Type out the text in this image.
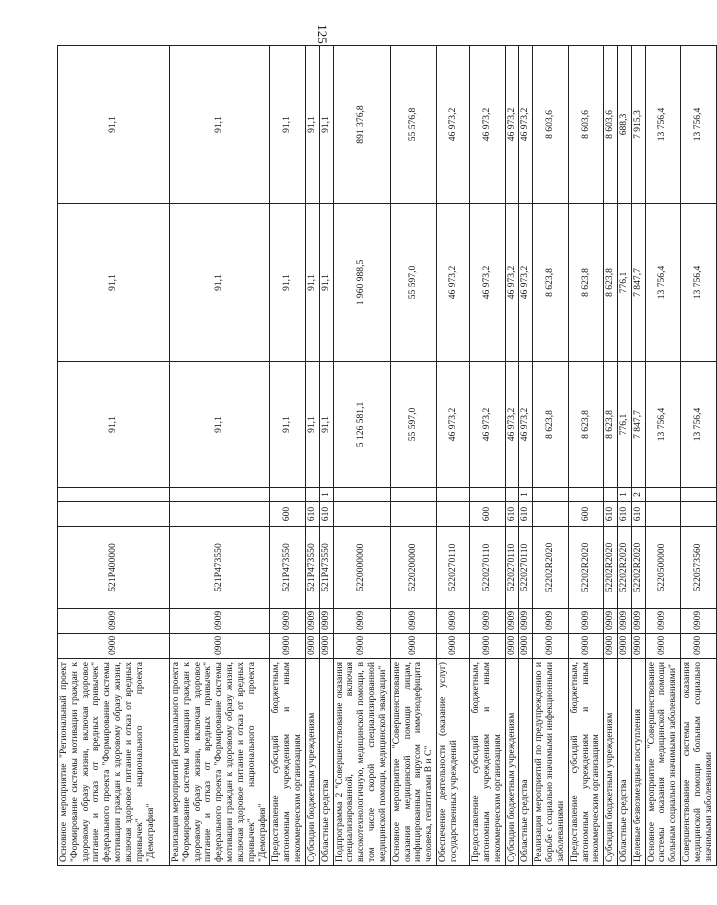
125
Основное мероприятие "Региональный проект "Формирование системы мотивации граждан к здоровому образу жизни, включая здоровое питание и отказ от вредных привычек" федерального проекта "Формирование системы мотивации граждан к здоровому образу жизни, включая здоровое питание и отказ от вредных привычек" национального проекта "Демография"	0900	0909	521P400000			91,1	91,1	91,1
Реализация мероприятий регионального проекта "Формирование системы мотивации граждан к здоровому образу жизни, включая здоровое питание и отказ от вредных привычек" федерального проекта "Формирование системы мотивации граждан к здоровому образу жизни, включая здоровое питание и отказ от вредных привычек" национального проекта "Демография"	0900	0909	521P473550			91,1	91,1	91,1
Предоставление субсидий бюджетным, автономным учреждениям и иным некоммерческим организациям	0900	0909	521P473550	600		91,1	91,1	91,1
Субсидии бюджетным учреждениям	0900	0909	521P473550	610		91,1	91,1	91,1
Областные средства	0900	0909	521P473550	610	1	91,1	91,1	91,1
Подпрограмма 2 "Совершенствование оказания специализированной, включая высокотехнологичную, медицинской помощи, в том числе скорой специализированной медицинской помощи, медицинской эвакуации"	0900	0909	5220000000			5 126 581,1	1 960 988,5	891 376,8
Основное мероприятие "Совершенствование оказания медицинской помощи лицам, инфицированным вирусом иммунодефицита человека, гепатитами В и С"	0900	0909	5220200000			55 597,0	55 597,0	55 576,8
Обеспечение деятельности (оказание услуг) государственных учреждений	0900	0909	5220270110			46 973,2	46 973,2	46 973,2
Предоставление субсидий бюджетным, автономным учреждениям и иным некоммерческим организациям	0900	0909	5220270110	600		46 973,2	46 973,2	46 973,2
Субсидии бюджетным учреждениям	0900	0909	5220270110	610		46 973,2	46 973,2	46 973,2
Областные средства	0900	0909	5220270110	610	1	46 973,2	46 973,2	46 973,2
Реализация мероприятий по предупреждению и борьбе с социально значимыми инфекционными заболеваниями	0900	0909	52202R2020			8 623,8	8 623,8	8 603,6
Предоставление субсидий бюджетным, автономным учреждениям и иным некоммерческим организациям	0900	0909	52202R2020	600		8 623,8	8 623,8	8 603,6
Субсидии бюджетным учреждениям	0900	0909	52202R2020	610		8 623,8	8 623,8	8 603,6
Областные средства	0900	0909	52202R2020	610	1	776,1	776,1	688,3
Целевые безвозмездные поступления	0900	0909	52202R2020	610	2	7 847,7	7 847,7	7 915,3
Основное мероприятие "Совершенствование системы оказания медицинской помощи больным социально значимыми заболеваниями"	0900	0909	5220500000			13 756,4	13 756,4	13 756,4
Совершенствование системы оказания медицинской помощи больным социально значимыми заболеваниями	0900	0909	5220573560			13 756,4	13 756,4	13 756,4
